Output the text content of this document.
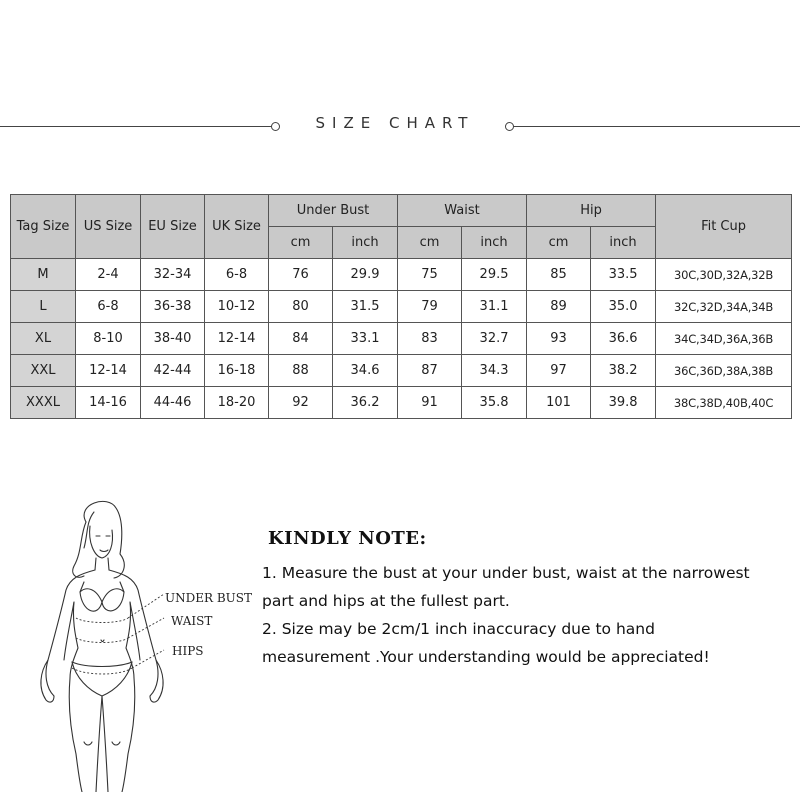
SIZE CHART
Tag Size	US Size	EU Size	UK Size	Under Bust		Waist		Hip		Fit Cup
				cm	inch	cm	inch	cm	inch	
M	2-4	32-34	6-8	76	29.9	75	29.5	85	33.5	30C,30D,32A,32B
L	6-8	36-38	10-12	80	31.5	79	31.1	89	35.0	32C,32D,34A,34B
XL	8-10	38-40	12-14	84	33.1	83	32.7	93	36.6	34C,34D,36A,36B
XXL	12-14	42-44	16-18	88	34.6	87	34.3	97	38.2	36C,36D,38A,38B
XXXL	14-16	44-46	18-20	92	36.2	91	35.8	101	39.8	38C,38D,40B,40C
UNDER BUST
WAIST
HIPS
KINDLY NOTE:
1. Measure the bust at your under bust, waist at the narrowest
part and hips at the fullest part.
2. Size may be 2cm/1 inch inaccuracy due to hand
measurement .Your understanding would be appreciated!
